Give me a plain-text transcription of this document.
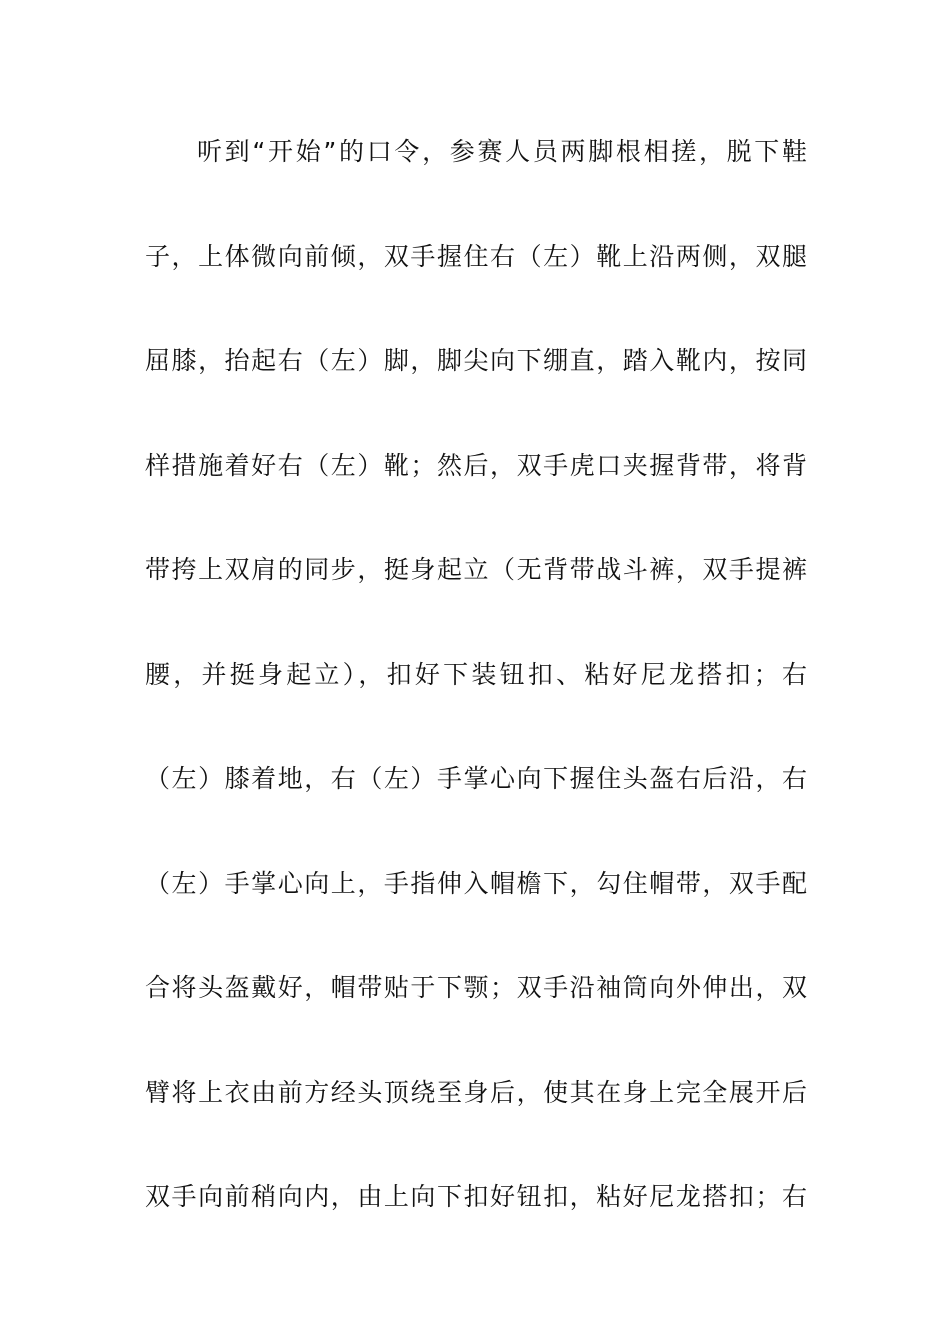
听到“开始”的口令，参赛人员两脚根相搓，脱下鞋
子，上体微向前倾，双手握住右（左）靴上沿两侧，双腿
屈膝，抬起右（左）脚，脚尖向下绷直，踏入靴内，按同
样措施着好右（左）靴；然后，双手虎口夹握背带，将背
带挎上双肩的同步，挺身起立（无背带战斗裤，双手提裤
腰，并挺身起立），扣好下装钮扣、粘好尼龙搭扣；右
（左）膝着地，右（左）手掌心向下握住头盔右后沿，右
（左）手掌心向上，手指伸入帽檐下，勾住帽带，双手配
合将头盔戴好，帽带贴于下颚；双手沿袖筒向外伸出，双
臂将上衣由前方经头顶绕至身后，使其在身上完全展开后
双手向前稍向内，由上向下扣好钮扣，粘好尼龙搭扣；右
